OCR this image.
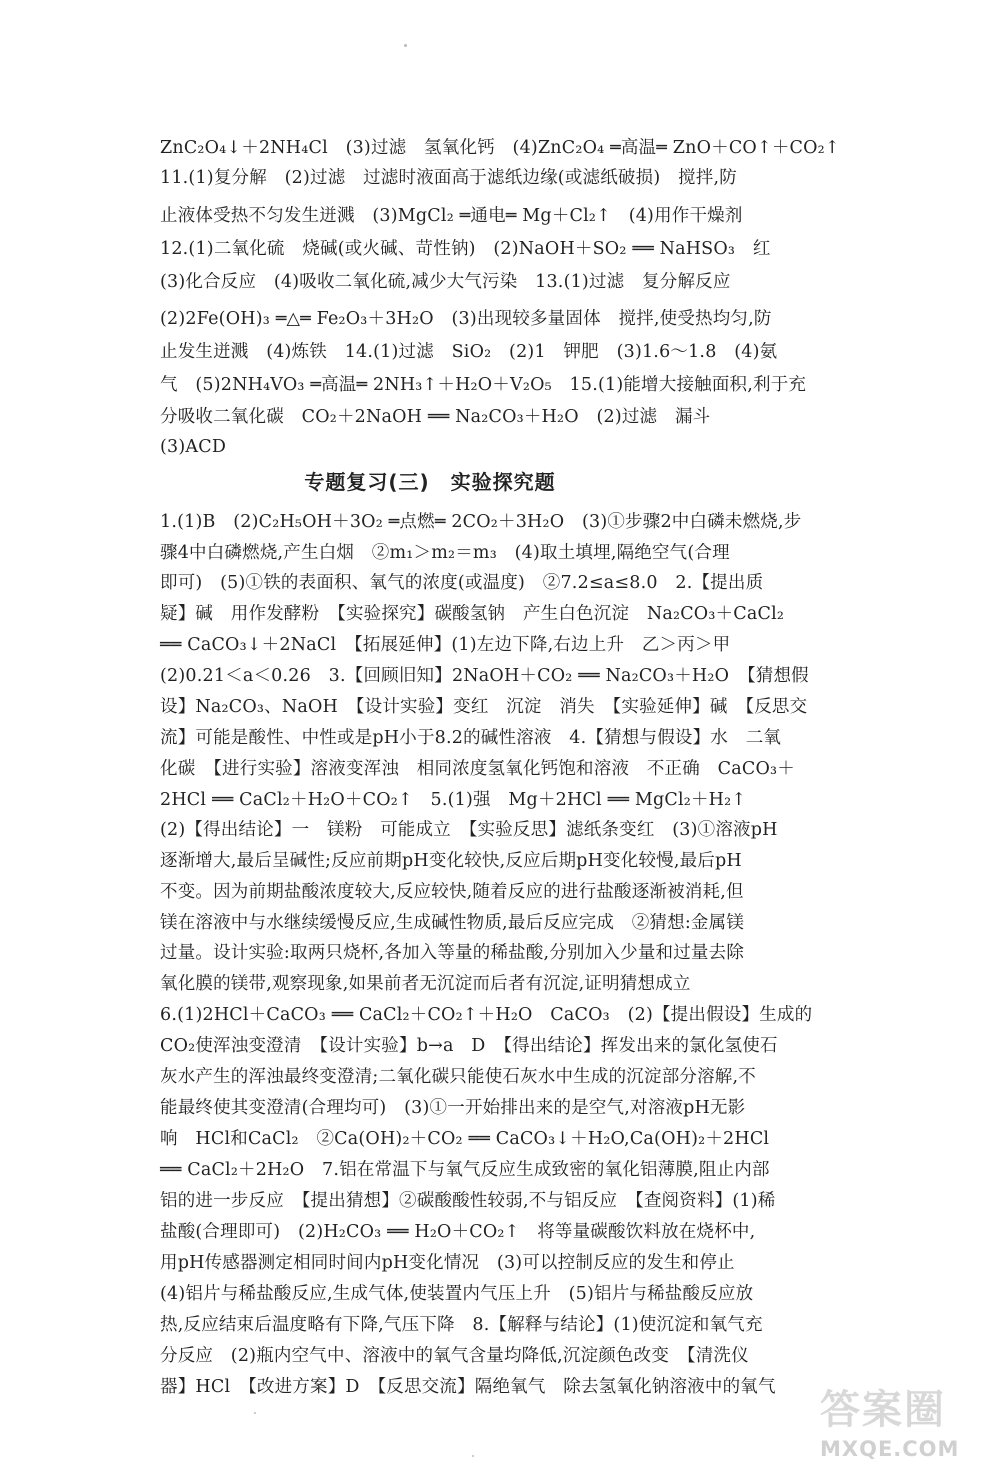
ZnC₂O₄↓＋2NH₄Cl　(3)过滤　氢氧化钙　(4)ZnC₂O₄ ═高温═ ZnO＋CO↑＋CO₂↑
11.(1)复分解　(2)过滤　过滤时液面高于滤纸边缘(或滤纸破损)　搅拌,防
止液体受热不匀发生迸溅　(3)MgCl₂ ═通电═ Mg＋Cl₂↑　(4)用作干燥剂
12.(1)二氧化硫　烧碱(或火碱、苛性钠)　(2)NaOH＋SO₂ ══ NaHSO₃　红
(3)化合反应　(4)吸收二氧化硫,减少大气污染　13.(1)过滤　复分解反应
(2)2Fe(OH)₃ ═△═ Fe₂O₃＋3H₂O　(3)出现较多量固体　搅拌,使受热均匀,防
止发生迸溅　(4)炼铁　14.(1)过滤　SiO₂　(2)1　钾肥　(3)1.6～1.8　(4)氨
气　(5)2NH₄VO₃ ═高温═ 2NH₃↑＋H₂O＋V₂O₅　15.(1)能增大接触面积,利于充
分吸收二氧化碳　CO₂＋2NaOH ══ Na₂CO₃＋H₂O　(2)过滤　漏斗
(3)ACD
专题复习(三)　实验探究题
1.(1)B　(2)C₂H₅OH＋3O₂ ═点燃═ 2CO₂＋3H₂O　(3)①步骤2中白磷未燃烧,步
骤4中白磷燃烧,产生白烟　②m₁＞m₂＝m₃　(4)取土填埋,隔绝空气(合理
即可)　(5)①铁的表面积、氧气的浓度(或温度)　②7.2≤a≤8.0　2.【提出质
疑】碱　用作发酵粉　【实验探究】碳酸氢钠　产生白色沉淀　Na₂CO₃＋CaCl₂
══ CaCO₃↓＋2NaCl　【拓展延伸】(1)左边下降,右边上升　乙＞丙＞甲
(2)0.21＜a＜0.26　3.【回顾旧知】2NaOH＋CO₂ ══ Na₂CO₃＋H₂O　【猜想假
设】Na₂CO₃、NaOH　【设计实验】变红　沉淀　消失　【实验延伸】碱　【反思交
流】可能是酸性、中性或是pH小于8.2的碱性溶液　4.【猜想与假设】水　二氧
化碳　【进行实验】溶液变浑浊　相同浓度氢氧化钙饱和溶液　不正确　CaCO₃＋
2HCl ══ CaCl₂＋H₂O＋CO₂↑　5.(1)强　Mg＋2HCl ══ MgCl₂＋H₂↑
(2)【得出结论】一　镁粉　可能成立　【实验反思】滤纸条变红　(3)①溶液pH
逐渐增大,最后呈碱性;反应前期pH变化较快,反应后期pH变化较慢,最后pH
不变。因为前期盐酸浓度较大,反应较快,随着反应的进行盐酸逐渐被消耗,但
镁在溶液中与水继续缓慢反应,生成碱性物质,最后反应完成　②猜想:金属镁
过量。设计实验:取两只烧杯,各加入等量的稀盐酸,分别加入少量和过量去除
氧化膜的镁带,观察现象,如果前者无沉淀而后者有沉淀,证明猜想成立
6.(1)2HCl＋CaCO₃ ══ CaCl₂＋CO₂↑＋H₂O　CaCO₃　(2)【提出假设】生成的
CO₂使浑浊变澄清　【设计实验】b→a　D　【得出结论】挥发出来的氯化氢使石
灰水产生的浑浊最终变澄清;二氧化碳只能使石灰水中生成的沉淀部分溶解,不
能最终使其变澄清(合理均可)　(3)①一开始排出来的是空气,对溶液pH无影
响　HCl和CaCl₂　②Ca(OH)₂＋CO₂ ══ CaCO₃↓＋H₂O,Ca(OH)₂＋2HCl
══ CaCl₂＋2H₂O　7.铝在常温下与氧气反应生成致密的氧化铝薄膜,阻止内部
铝的进一步反应　【提出猜想】②碳酸酸性较弱,不与铝反应　【查阅资料】(1)稀
盐酸(合理即可)　(2)H₂CO₃ ══ H₂O＋CO₂↑　将等量碳酸饮料放在烧杯中,
用pH传感器测定相同时间内pH变化情况　(3)可以控制反应的发生和停止
(4)铝片与稀盐酸反应,生成气体,使装置内气压上升　(5)铝片与稀盐酸反应放
热,反应结束后温度略有下降,气压下降　8.【解释与结论】(1)使沉淀和氧气充
分反应　(2)瓶内空气中、溶液中的氧气含量均降低,沉淀颜色改变　【清洗仪
器】HCl　【改进方案】D　【反思交流】隔绝氧气　除去氢氧化钠溶液中的氧气 答案圈
MXQE.COM
